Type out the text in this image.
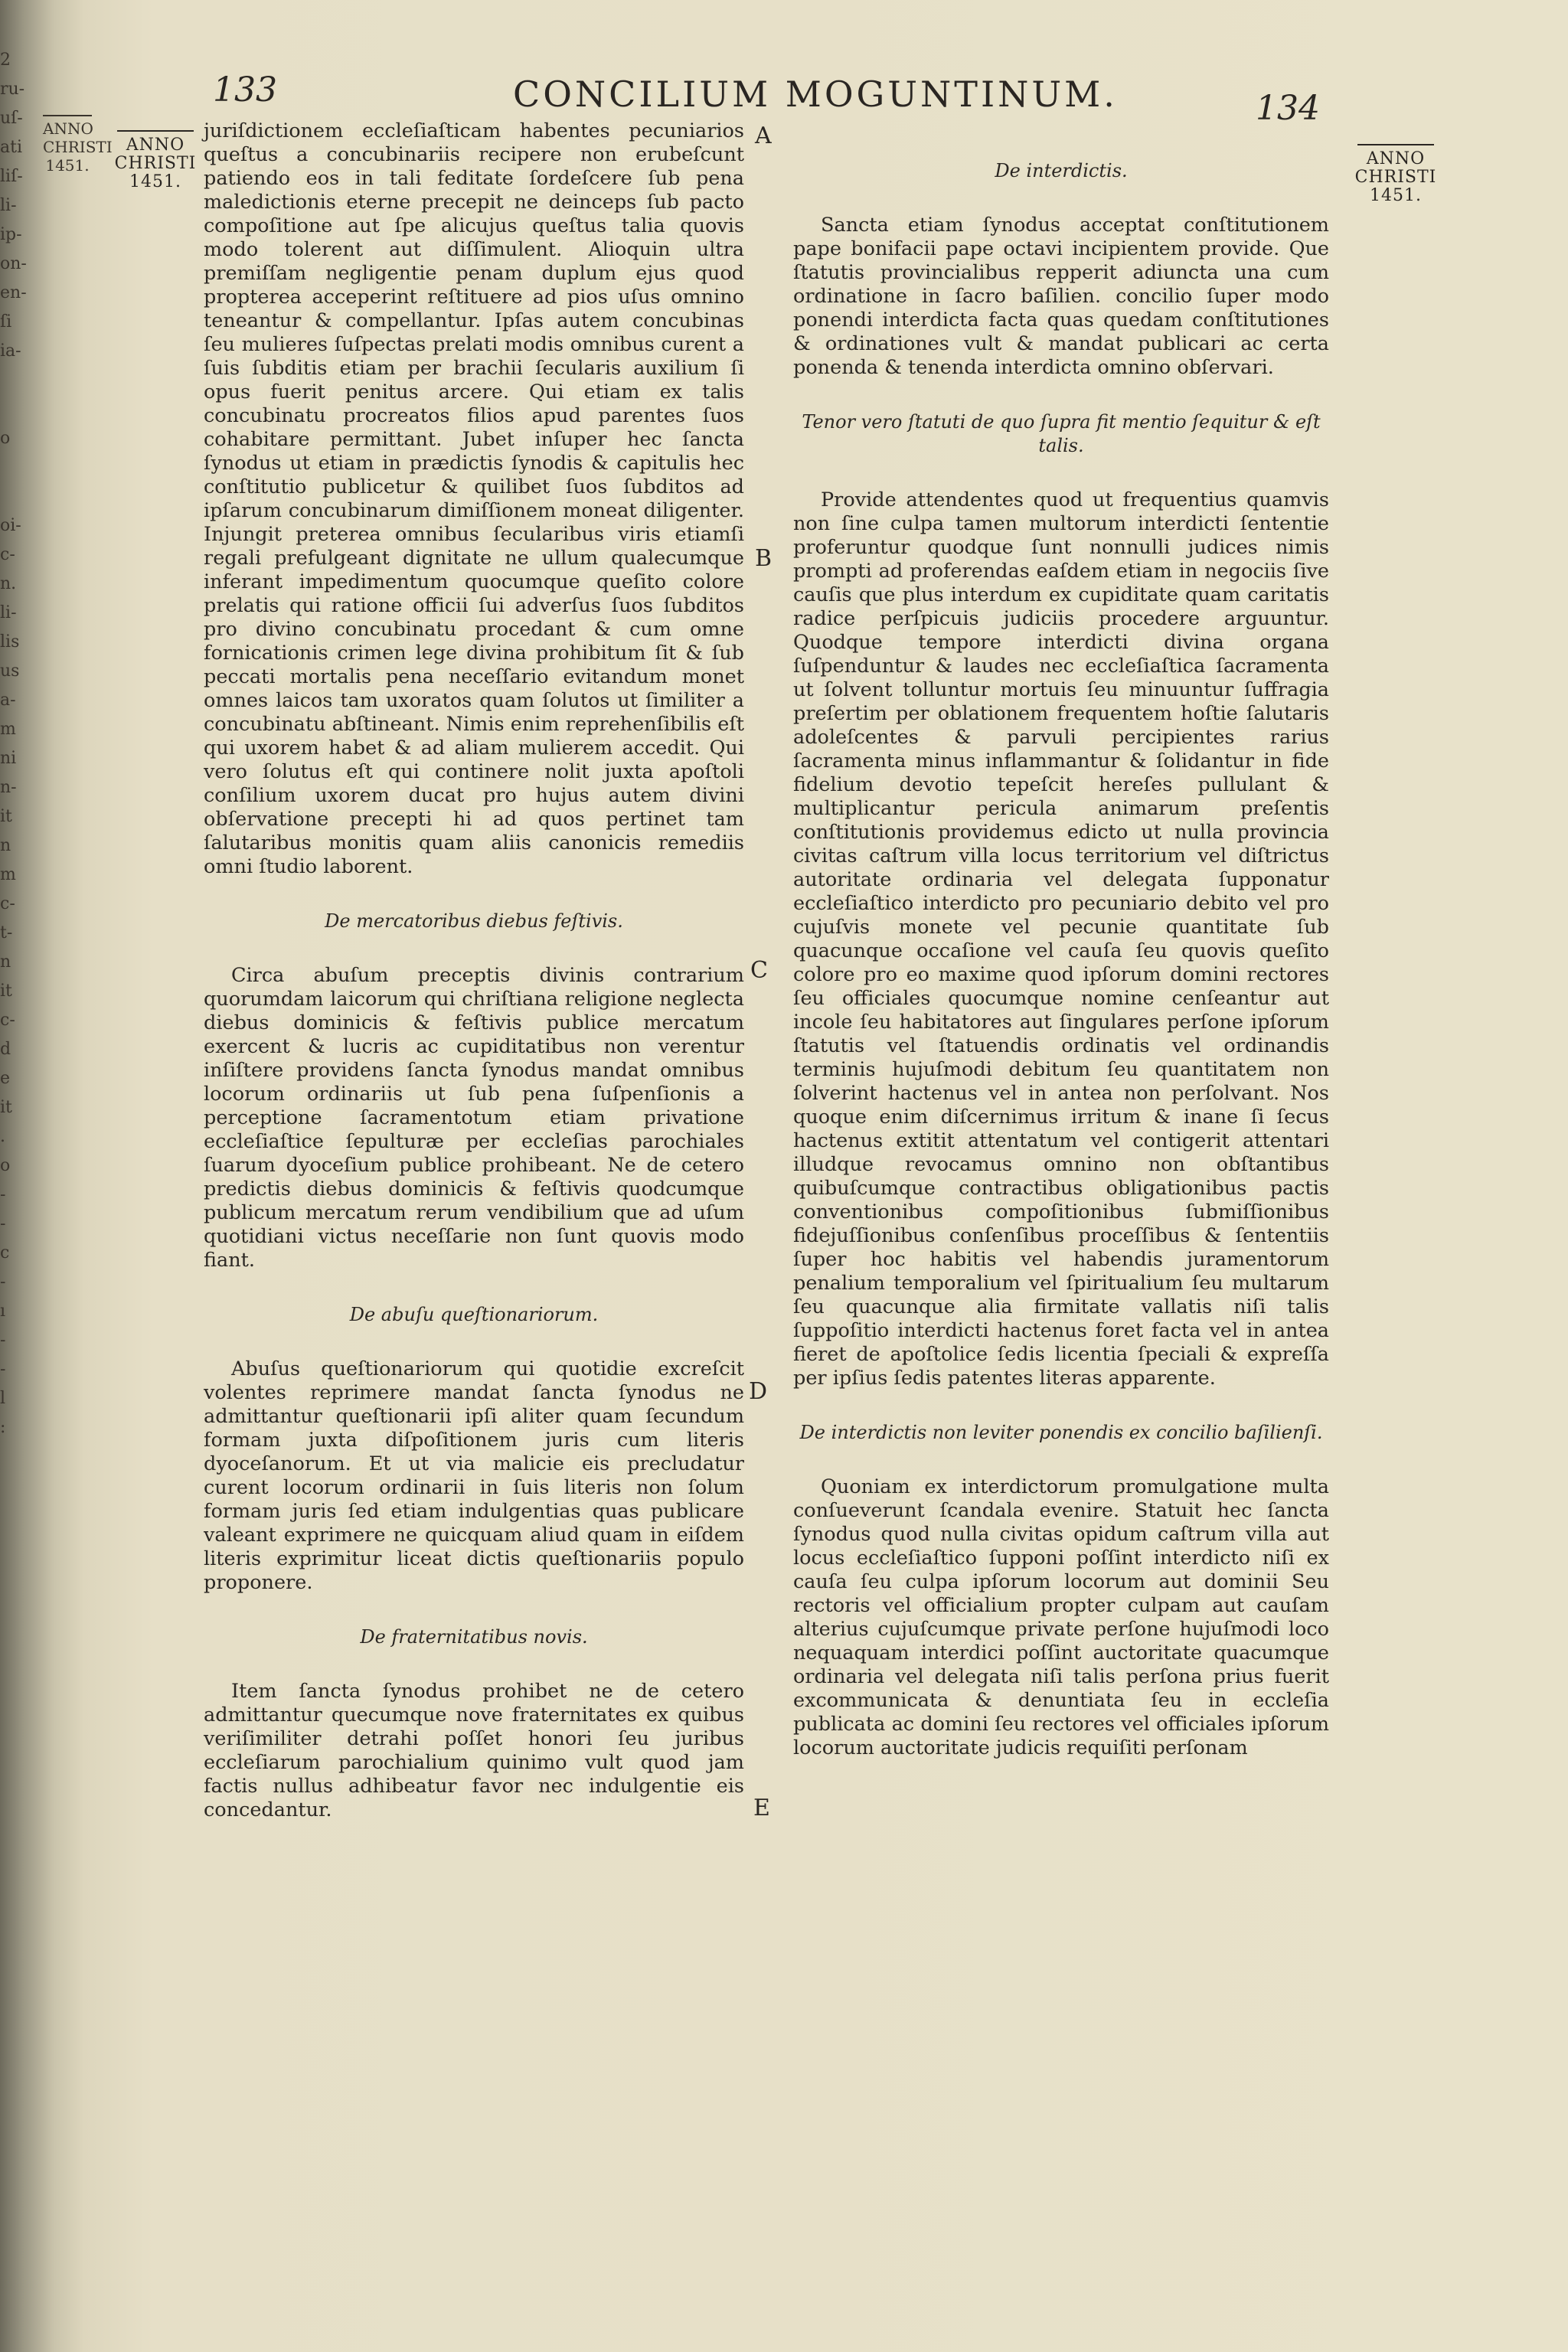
2
ru-
uſ-
ati
liſ-
li-
ip-
on-
en-
ſi
ia-

o

oi-
c-
n.
li-
lis
us
a-
m
ni
n-
it
n
m
c-
t-
n
it
c-
d
e
it
.
o
-
-
c
-
ı
-
-
l
:
ANNO
CHRISTI
1451.
133	CONCILIUM MOGUNTINUM.	134
ANNO
CHRISTI
1451.
ANNO
CHRISTI
1451.
A
B
C
D
E

juriſdictionem eccleſiaſticam habentes pecuniarios queſtus a concubinariis recipere non erubeſcunt patiendo eos in tali feditate ſordeſcere ſub pena maledictionis eterne precepit ne deinceps ſub pacto compoſitione aut ſpe alicujus queſtus talia quovis modo tolerent aut diſſimulent. Alioquin ultra premiſſam negligentie penam duplum ejus quod propterea acceperint reſtituere ad pios uſus omnino teneantur & compellantur. Ipſas autem concubinas ſeu mulieres ſuſpectas prelati modis omnibus curent a ſuis ſubditis etiam per brachii ſecularis auxilium ſi opus fuerit penitus arcere. Qui etiam ex talis concubinatu procreatos filios apud parentes ſuos cohabitare permittant. Jubet inſuper hec ſancta ſynodus ut etiam in prædictis ſynodis & capitulis hec conſtitutio publicetur & quilibet ſuos ſubditos ad ipſarum concubinarum dimiſſionem moneat diligenter. Injungit preterea omnibus ſecularibus viris etiamſi regali prefulgeant dignitate ne ullum qualecumque inferant impedimentum quocumque queſito colore prelatis qui ratione officii ſui adverſus ſuos ſubditos pro divino concubinatu procedant & cum omne fornicationis crimen lege divina prohibitum ſit & ſub peccati mortalis pena neceſſario evitandum monet omnes laicos tam uxoratos quam ſolutos ut ſimiliter a concubinatu abſtineant. Nimis enim reprehenſibilis eſt qui uxorem habet & ad aliam mulierem accedit. Qui vero ſolutus eſt qui continere nolit juxta apoſtoli conſilium uxorem ducat pro hujus autem divini obſervatione precepti hi ad quos pertinet tam ſalutaribus monitis quam aliis canonicis remediis omni ſtudio laborent.

De mercatoribus diebus feſtivis.

Circa abuſum preceptis divinis contrarium quorumdam laicorum qui chriſtiana religione neglecta diebus dominicis & feſtivis publice mercatum exercent & lucris ac cupiditatibus non verentur inſiſtere providens ſancta ſynodus mandat omnibus locorum ordinariis ut ſub pena ſuſpenſionis a perceptione ſacramentotum etiam privatione eccleſiaſtice ſepulturæ per eccleſias parochiales ſuarum dyoceſium publice prohibeant. Ne de cetero predictis diebus dominicis & feſtivis quodcumque publicum mercatum rerum vendibilium que ad uſum quotidiani victus neceſſarie non ſunt quovis modo fiant.

De abuſu queſtionariorum.

Abuſus queſtionariorum qui quotidie excreſcit volentes reprimere mandat ſancta ſynodus ne admittantur queſtionarii ipſi aliter quam ſecundum formam juxta diſpoſitionem juris cum literis dyoceſanorum. Et ut via malicie eis precludatur curent locorum ordinarii in ſuis literis non ſolum formam juris ſed etiam indulgentias quas publicare valeant exprimere ne quicquam aliud quam in eiſdem literis exprimitur liceat dictis queſtionariis populo proponere.

De fraternitatibus novis.

Item ſancta ſynodus prohibet ne de cetero admittantur quecumque nove fraternitates ex quibus veriſimiliter detrahi poſſet honori ſeu juribus eccleſiarum parochialium quinimo vult quod jam factis nullus adhibeatur favor nec indulgentie eis concedantur.

De interdictis.

Sancta etiam ſynodus acceptat conſtitutionem pape bonifacii pape octavi incipientem provide. Que ſtatutis provincialibus repperit adiuncta una cum ordinatione in ſacro baſilien. concilio ſuper modo ponendi interdicta facta quas quedam conſtitutiones & ordinationes vult & mandat publicari ac certa ponenda & tenenda interdicta omnino obſervari.

Tenor vero ſtatuti de quo ſupra fit mentio ſequitur & eſt talis.

Provide attendentes quod ut frequentius quamvis non ſine culpa tamen multorum interdicti ſententie proferuntur quodque ſunt nonnulli judices nimis prompti ad proferendas eaſdem etiam in negociis ſive cauſis que plus interdum ex cupiditate quam caritatis radice perſpicuis judiciis procedere arguuntur. Quodque tempore interdicti divina organa ſuſpenduntur & laudes nec eccleſiaſtica ſacramenta ut ſolvent tolluntur mortuis ſeu minuuntur ſuffragia preſertim per oblationem frequentem hoſtie ſalutaris adoleſcentes & parvuli percipientes rarius ſacramenta minus inflammantur & ſolidantur in fide fidelium devotio tepeſcit hereſes pullulant & multiplicantur pericula animarum preſentis conſtitutionis providemus edicto ut nulla provincia civitas caſtrum villa locus territorium vel diſtrictus autoritate ordinaria vel delegata ſupponatur eccleſiaſtico interdicto pro pecuniario debito vel pro cujuſvis monete vel pecunie quantitate ſub quacunque occaſione vel cauſa ſeu quovis queſito colore pro eo maxime quod ipſorum domini rectores ſeu officiales quocumque nomine cenſeantur aut incole ſeu habitatores aut ſingulares perſone ipſorum ſtatutis vel ſtatuendis ordinatis vel ordinandis terminis hujuſmodi debitum ſeu quantitatem non ſolverint hactenus vel in antea non perſolvant. Nos quoque enim diſcernimus irritum & inane ſi ſecus hactenus extitit attentatum vel contigerit attentari illudque revocamus omnino non obſtantibus quibuſcumque contractibus obligationibus pactis conventionibus compoſitionibus ſubmiſſionibus fidejuſſionibus conſenſibus proceſſibus & ſententiis ſuper hoc habitis vel habendis juramentorum penalium temporalium vel ſpiritualium ſeu multarum ſeu quacunque alia firmitate vallatis niſi talis ſuppoſitio interdicti hactenus foret facta vel in antea fieret de apoſtolice ſedis licentia ſpeciali & expreſſa per ipſius ſedis patentes literas apparente.

De interdictis non leviter ponendis ex concilio baſilienſi.

Quoniam ex interdictorum promulgatione multa conſueverunt ſcandala evenire. Statuit hec ſancta ſynodus quod nulla civitas opidum caſtrum villa aut locus eccleſiaſtico ſupponi poſſint interdicto niſi ex cauſa ſeu culpa ipſorum locorum aut dominii Seu rectoris vel officialium propter culpam aut cauſam alterius cujuſcumque private perſone hujuſmodi loco nequaquam interdici poſſint auctoritate quacumque ordinaria vel delegata niſi talis perſona prius fuerit excommunicata & denuntiata ſeu in eccleſia publicata ac domini ſeu rectores vel officiales ipſorum locorum auctoritate judicis requiſiti perſonam
